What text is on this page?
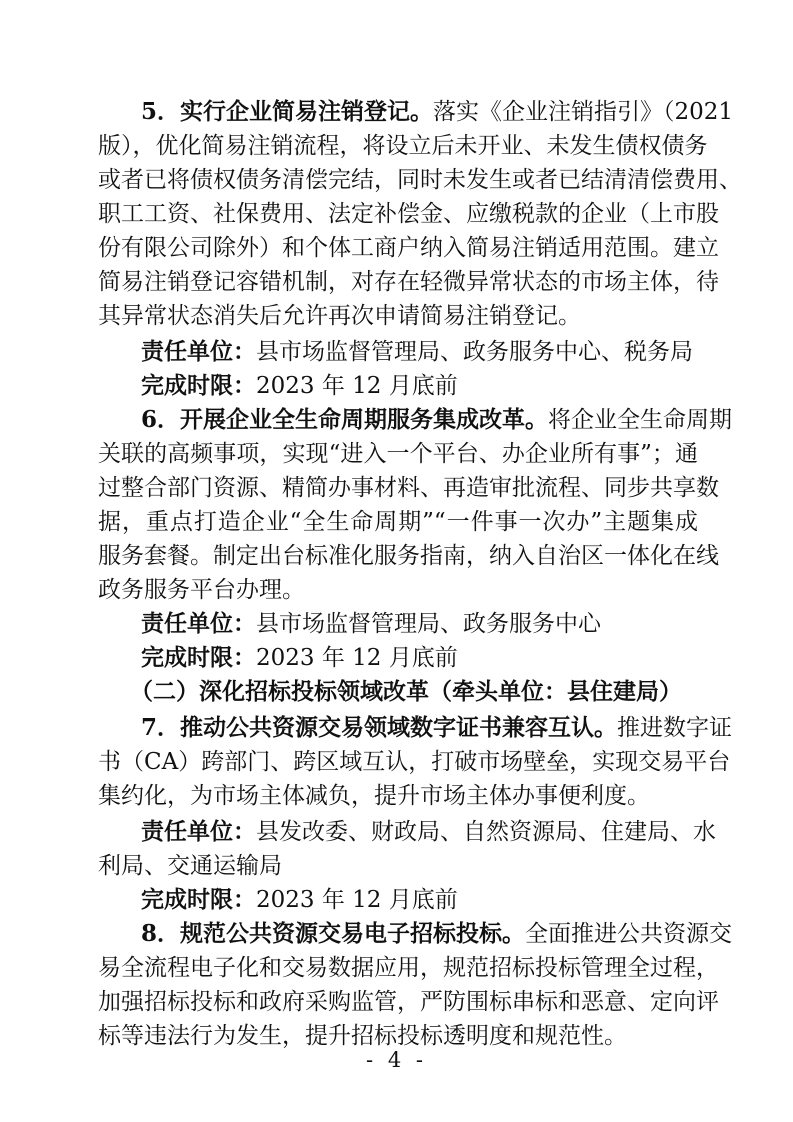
5．实行企业简易注销登记。落实《企业注销指引》（2021
版），优化简易注销流程，将设立后未开业、未发生债权债务
或者已将债权债务清偿完结，同时未发生或者已结清清偿费用、
职工工资、社保费用、法定补偿金、应缴税款的企业（上市股
份有限公司除外）和个体工商户纳入简易注销适用范围。建立
简易注销登记容错机制，对存在轻微异常状态的市场主体，待
其异常状态消失后允许再次申请简易注销登记。
责任单位：县市场监督管理局、政务服务中心、税务局
完成时限：2023 年 12 月底前
6．开展企业全生命周期服务集成改革。将企业全生命周期
关联的高频事项，实现“进入一个平台、办企业所有事”；通
过整合部门资源、精简办事材料、再造审批流程、同步共享数
据，重点打造企业“全生命周期”“一件事一次办”主题集成
服务套餐。制定出台标准化服务指南，纳入自治区一体化在线
政务服务平台办理。
责任单位：县市场监督管理局、政务服务中心
完成时限：2023 年 12 月底前
（二）深化招标投标领域改革（牵头单位：县住建局）
7．推动公共资源交易领域数字证书兼容互认。推进数字证
书（CA）跨部门、跨区域互认，打破市场壁垒，实现交易平台
集约化，为市场主体减负，提升市场主体办事便利度。
责任单位：县发改委、财政局、自然资源局、住建局、水
利局、交通运输局
完成时限：2023 年 12 月底前
8．规范公共资源交易电子招标投标。全面推进公共资源交
易全流程电子化和交易数据应用，规范招标投标管理全过程，
加强招标投标和政府采购监管，严防围标串标和恶意、定向评
标等违法行为发生，提升招标投标透明度和规范性。
- 4 -
